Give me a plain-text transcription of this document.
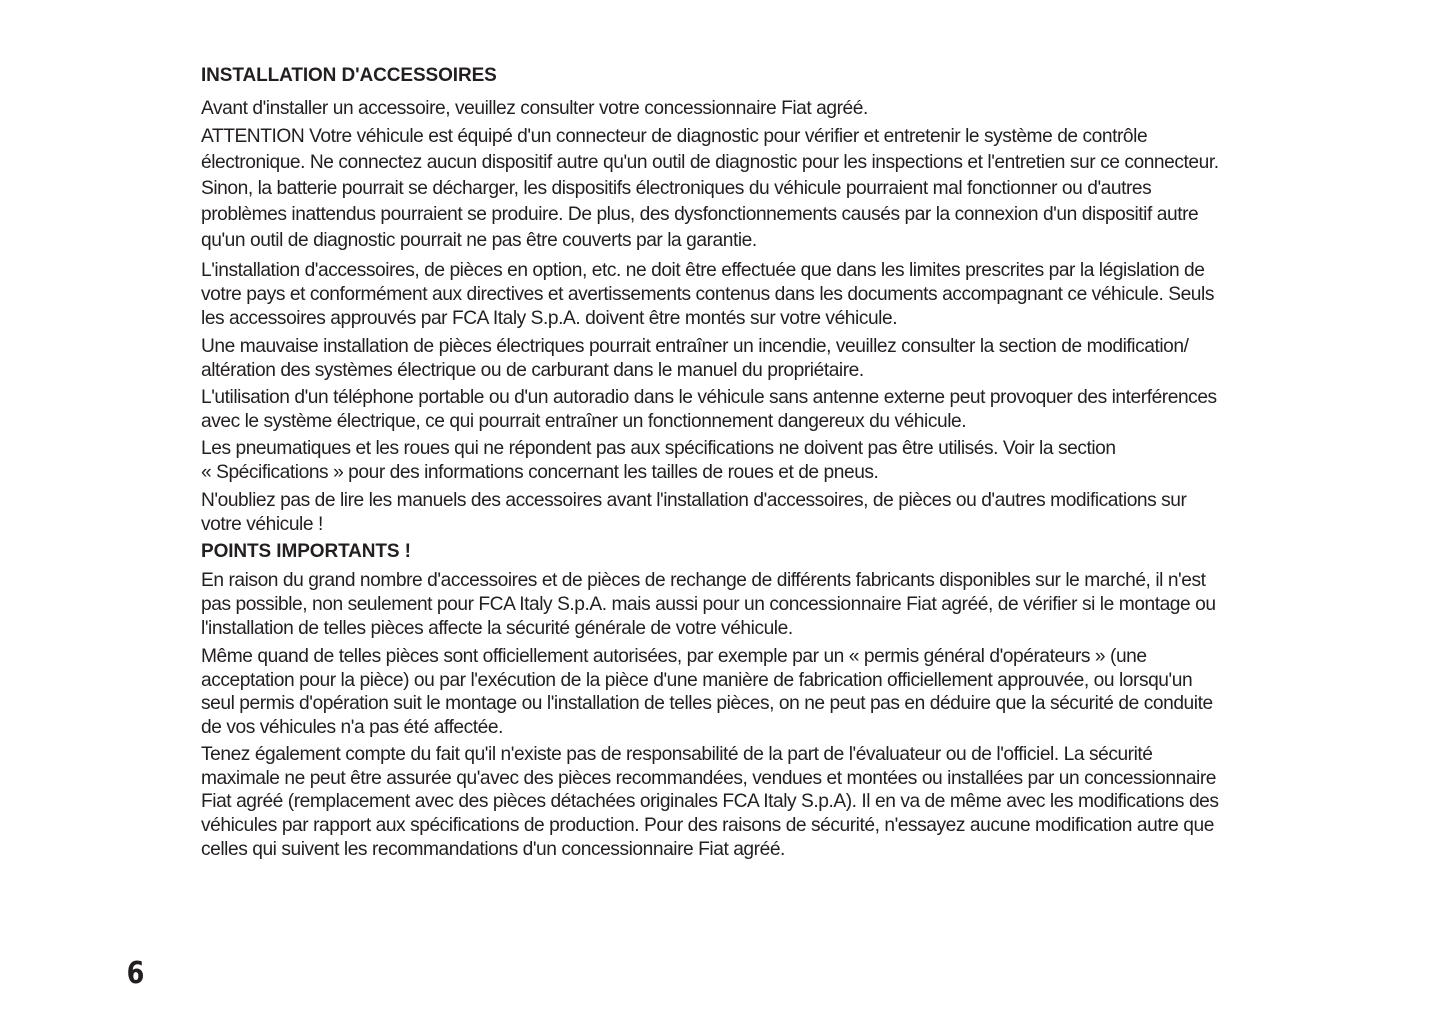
INSTALLATION D'ACCESSOIRES
Avant d'installer un accessoire, veuillez consulter votre concessionnaire Fiat agréé.
ATTENTION Votre véhicule est équipé d'un connecteur de diagnostic pour vérifier et entretenir le système de contrôle
électronique. Ne connectez aucun dispositif autre qu'un outil de diagnostic pour les inspections et l'entretien sur ce connecteur.
Sinon, la batterie pourrait se décharger, les dispositifs électroniques du véhicule pourraient mal fonctionner ou d'autres
problèmes inattendus pourraient se produire. De plus, des dysfonctionnements causés par la connexion d'un dispositif autre
qu'un outil de diagnostic pourrait ne pas être couverts par la garantie.
L'installation d'accessoires, de pièces en option, etc. ne doit être effectuée que dans les limites prescrites par la législation de
votre pays et conformément aux directives et avertissements contenus dans les documents accompagnant ce véhicule. Seuls
les accessoires approuvés par FCA Italy S.p.A. doivent être montés sur votre véhicule.
Une mauvaise installation de pièces électriques pourrait entraîner un incendie, veuillez consulter la section de modification/
altération des systèmes électrique ou de carburant dans le manuel du propriétaire.
L'utilisation d'un téléphone portable ou d'un autoradio dans le véhicule sans antenne externe peut provoquer des interférences
avec le système électrique, ce qui pourrait entraîner un fonctionnement dangereux du véhicule.
Les pneumatiques et les roues qui ne répondent pas aux spécifications ne doivent pas être utilisés. Voir la section
« Spécifications » pour des informations concernant les tailles de roues et de pneus.
N'oubliez pas de lire les manuels des accessoires avant l'installation d'accessoires, de pièces ou d'autres modifications sur
votre véhicule !
POINTS IMPORTANTS !
En raison du grand nombre d'accessoires et de pièces de rechange de différents fabricants disponibles sur le marché, il n'est
pas possible, non seulement pour FCA Italy S.p.A. mais aussi pour un concessionnaire Fiat agréé, de vérifier si le montage ou
l'installation de telles pièces affecte la sécurité générale de votre véhicule.
Même quand de telles pièces sont officiellement autorisées, par exemple par un « permis général d'opérateurs » (une
acceptation pour la pièce) ou par l'exécution de la pièce d'une manière de fabrication officiellement approuvée, ou lorsqu'un
seul permis d'opération suit le montage ou l'installation de telles pièces, on ne peut pas en déduire que la sécurité de conduite
de vos véhicules n'a pas été affectée.
Tenez également compte du fait qu'il n'existe pas de responsabilité de la part de l'évaluateur ou de l'officiel. La sécurité
maximale ne peut être assurée qu'avec des pièces recommandées, vendues et montées ou installées par un concessionnaire
Fiat agréé (remplacement avec des pièces détachées originales FCA Italy S.p.A). Il en va de même avec les modifications des
véhicules par rapport aux spécifications de production. Pour des raisons de sécurité, n'essayez aucune modification autre que
celles qui suivent les recommandations d'un concessionnaire Fiat agréé.
6
